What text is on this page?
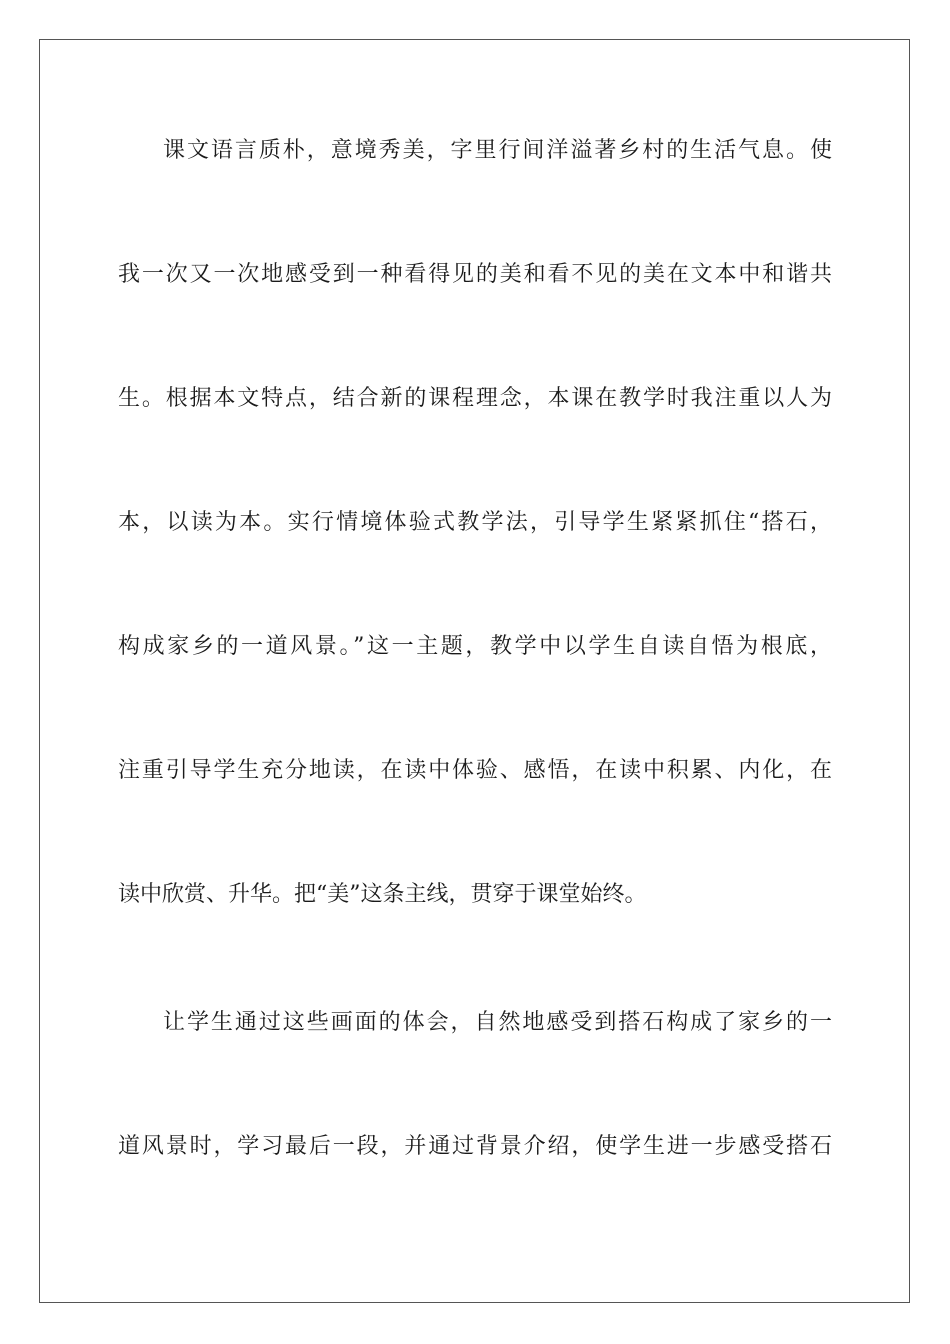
课文语言质朴，意境秀美，字里行间洋溢著乡村的生活气息。使
我一次又一次地感受到一种看得见的美和看不见的美在文本中和谐共
生。根据本文特点，结合新的课程理念，本课在教学时我注重以人为
本，以读为本。实行情境体验式教学法，引导学生紧紧抓住“搭石，
构成家乡的一道风景。”这一主题，教学中以学生自读自悟为根底，
注重引导学生充分地读，在读中体验、感悟，在读中积累、内化，在
读中欣赏、升华。把“美”这条主线，贯穿于课堂始终。
让学生通过这些画面的体会，自然地感受到搭石构成了家乡的一
道风景时，学习最后一段，并通过背景介绍，使学生进一步感受搭石
